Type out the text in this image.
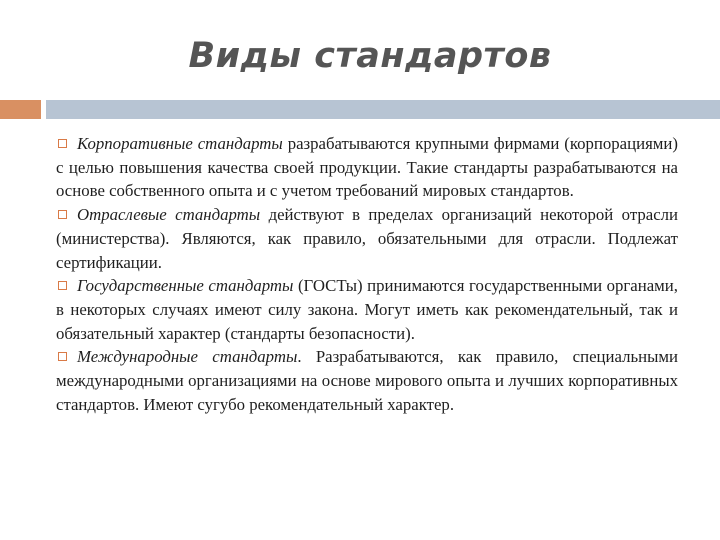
Виды стандартов

Корпоративные стандарты разрабатываются крупными фирмами (корпорациями) с целью повышения качества своей продукции. Такие стандарты разрабатываются на основе собственного опыта и с учетом требований мировых стандартов.

Отраслевые стандарты действуют в пределах организаций некоторой отрасли (министерства). Являются, как правило, обязательными для отрасли. Подлежат сертификации.

Государственные стандарты (ГОСТы) принимаются государственными органами, в некоторых случаях имеют силу закона. Могут иметь как рекомендательный, так и обязательный характер (стандарты безопасности).

Международные стандарты. Разрабатываются, как правило, специальными международными организациями на основе мирового опыта и лучших корпоративных стандартов. Имеют сугубо рекомендательный характер.
